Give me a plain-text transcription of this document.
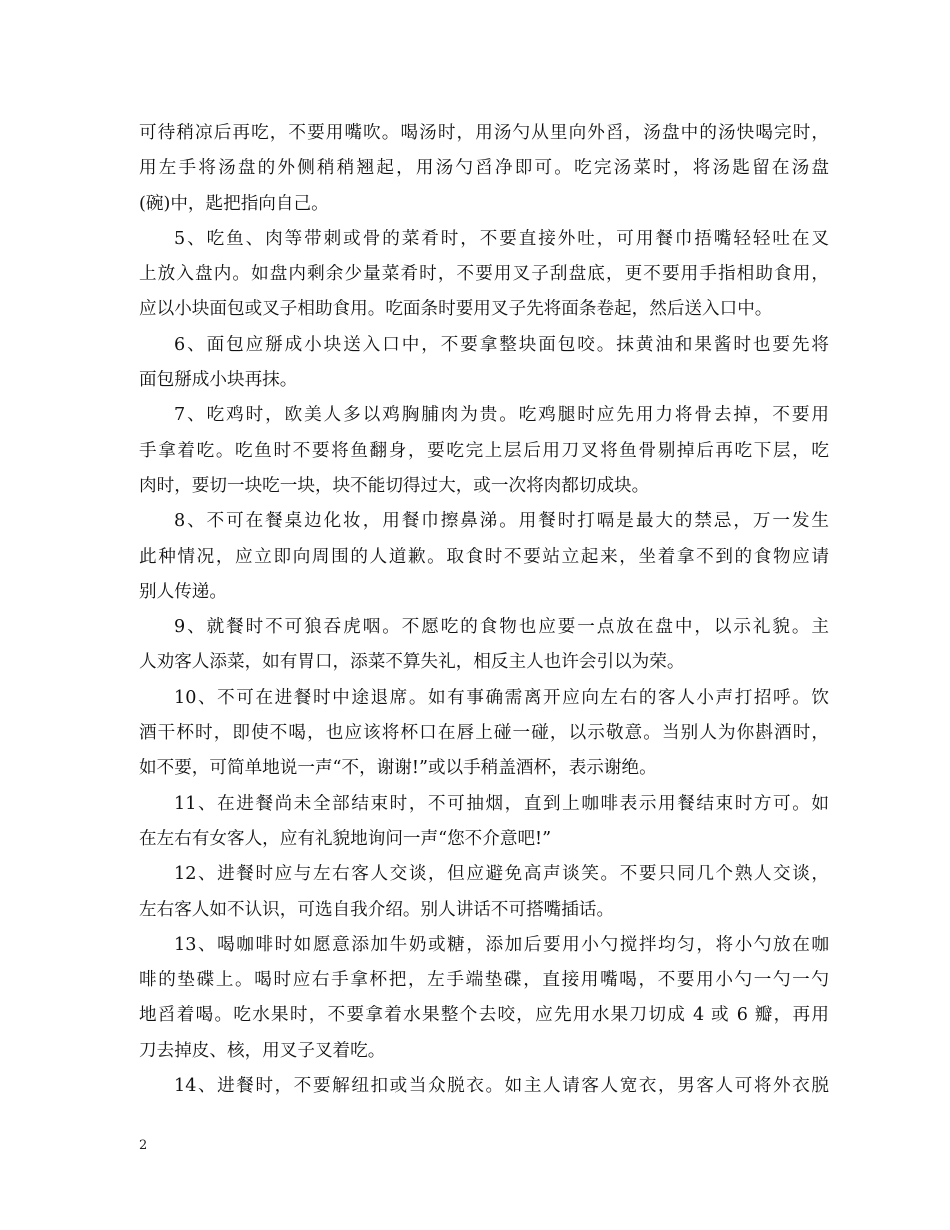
可待稍凉后再吃，不要用嘴吹。喝汤时，用汤勺从里向外舀，汤盘中的汤快喝完时，
用左手将汤盘的外侧稍稍翘起，用汤勺舀净即可。吃完汤菜时，将汤匙留在汤盘
(碗)中，匙把指向自己。
5、吃鱼、肉等带刺或骨的菜肴时，不要直接外吐，可用餐巾捂嘴轻轻吐在叉
上放入盘内。如盘内剩余少量菜肴时，不要用叉子刮盘底，更不要用手指相助食用，
应以小块面包或叉子相助食用。吃面条时要用叉子先将面条卷起，然后送入口中。
6、面包应掰成小块送入口中，不要拿整块面包咬。抹黄油和果酱时也要先将
面包掰成小块再抹。
7、吃鸡时，欧美人多以鸡胸脯肉为贵。吃鸡腿时应先用力将骨去掉，不要用
手拿着吃。吃鱼时不要将鱼翻身，要吃完上层后用刀叉将鱼骨剔掉后再吃下层，吃
肉时，要切一块吃一块，块不能切得过大，或一次将肉都切成块。
8、不可在餐桌边化妆，用餐巾擦鼻涕。用餐时打嗝是最大的禁忌，万一发生
此种情况，应立即向周围的人道歉。取食时不要站立起来，坐着拿不到的食物应请
别人传递。
9、就餐时不可狼吞虎咽。不愿吃的食物也应要一点放在盘中，以示礼貌。主
人劝客人添菜，如有胃口，添菜不算失礼，相反主人也许会引以为荣。
10、不可在进餐时中途退席。如有事确需离开应向左右的客人小声打招呼。饮
酒干杯时，即使不喝，也应该将杯口在唇上碰一碰，以示敬意。当别人为你斟酒时，
如不要，可简单地说一声“不，谢谢!”或以手稍盖酒杯，表示谢绝。
11、在进餐尚未全部结束时，不可抽烟，直到上咖啡表示用餐结束时方可。如
在左右有女客人，应有礼貌地询问一声“您不介意吧!”
12、进餐时应与左右客人交谈，但应避免高声谈笑。不要只同几个熟人交谈，
左右客人如不认识，可选自我介绍。别人讲话不可搭嘴插话。
13、喝咖啡时如愿意添加牛奶或糖，添加后要用小勺搅拌均匀，将小勺放在咖
啡的垫碟上。喝时应右手拿杯把，左手端垫碟，直接用嘴喝，不要用小勺一勺一勺
地舀着喝。吃水果时，不要拿着水果整个去咬，应先用水果刀切成 4 或 6 瓣，再用
刀去掉皮、核，用叉子叉着吃。
14、进餐时，不要解纽扣或当众脱衣。如主人请客人宽衣，男客人可将外衣脱
2
